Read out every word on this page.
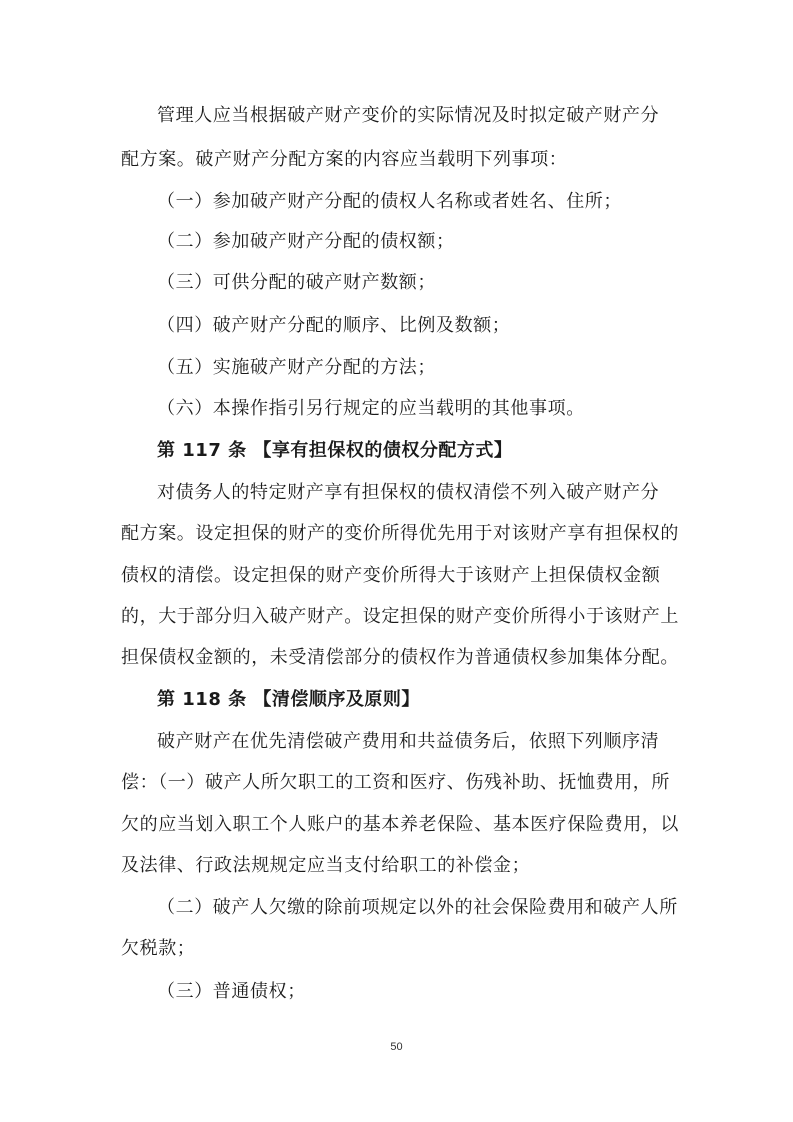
管理人应当根据破产财产变价的实际情况及时拟定破产财产分
配方案。破产财产分配方案的内容应当载明下列事项：
（一）参加破产财产分配的债权人名称或者姓名、住所；
（二）参加破产财产分配的债权额；
（三）可供分配的破产财产数额；
（四）破产财产分配的顺序、比例及数额；
（五）实施破产财产分配的方法；
（六）本操作指引另行规定的应当载明的其他事项。
第 117 条 【享有担保权的债权分配方式】
对债务人的特定财产享有担保权的债权清偿不列入破产财产分
配方案。设定担保的财产的变价所得优先用于对该财产享有担保权的
债权的清偿。设定担保的财产变价所得大于该财产上担保债权金额
的，大于部分归入破产财产。设定担保的财产变价所得小于该财产上
担保债权金额的，未受清偿部分的债权作为普通债权参加集体分配。
第 118 条 【清偿顺序及原则】
破产财产在优先清偿破产费用和共益债务后，依照下列顺序清
偿：（一）破产人所欠职工的工资和医疗、伤残补助、抚恤费用，所
欠的应当划入职工个人账户的基本养老保险、基本医疗保险费用，以
及法律、行政法规规定应当支付给职工的补偿金；
（二）破产人欠缴的除前项规定以外的社会保险费用和破产人所
欠税款；
（三）普通债权；
50
